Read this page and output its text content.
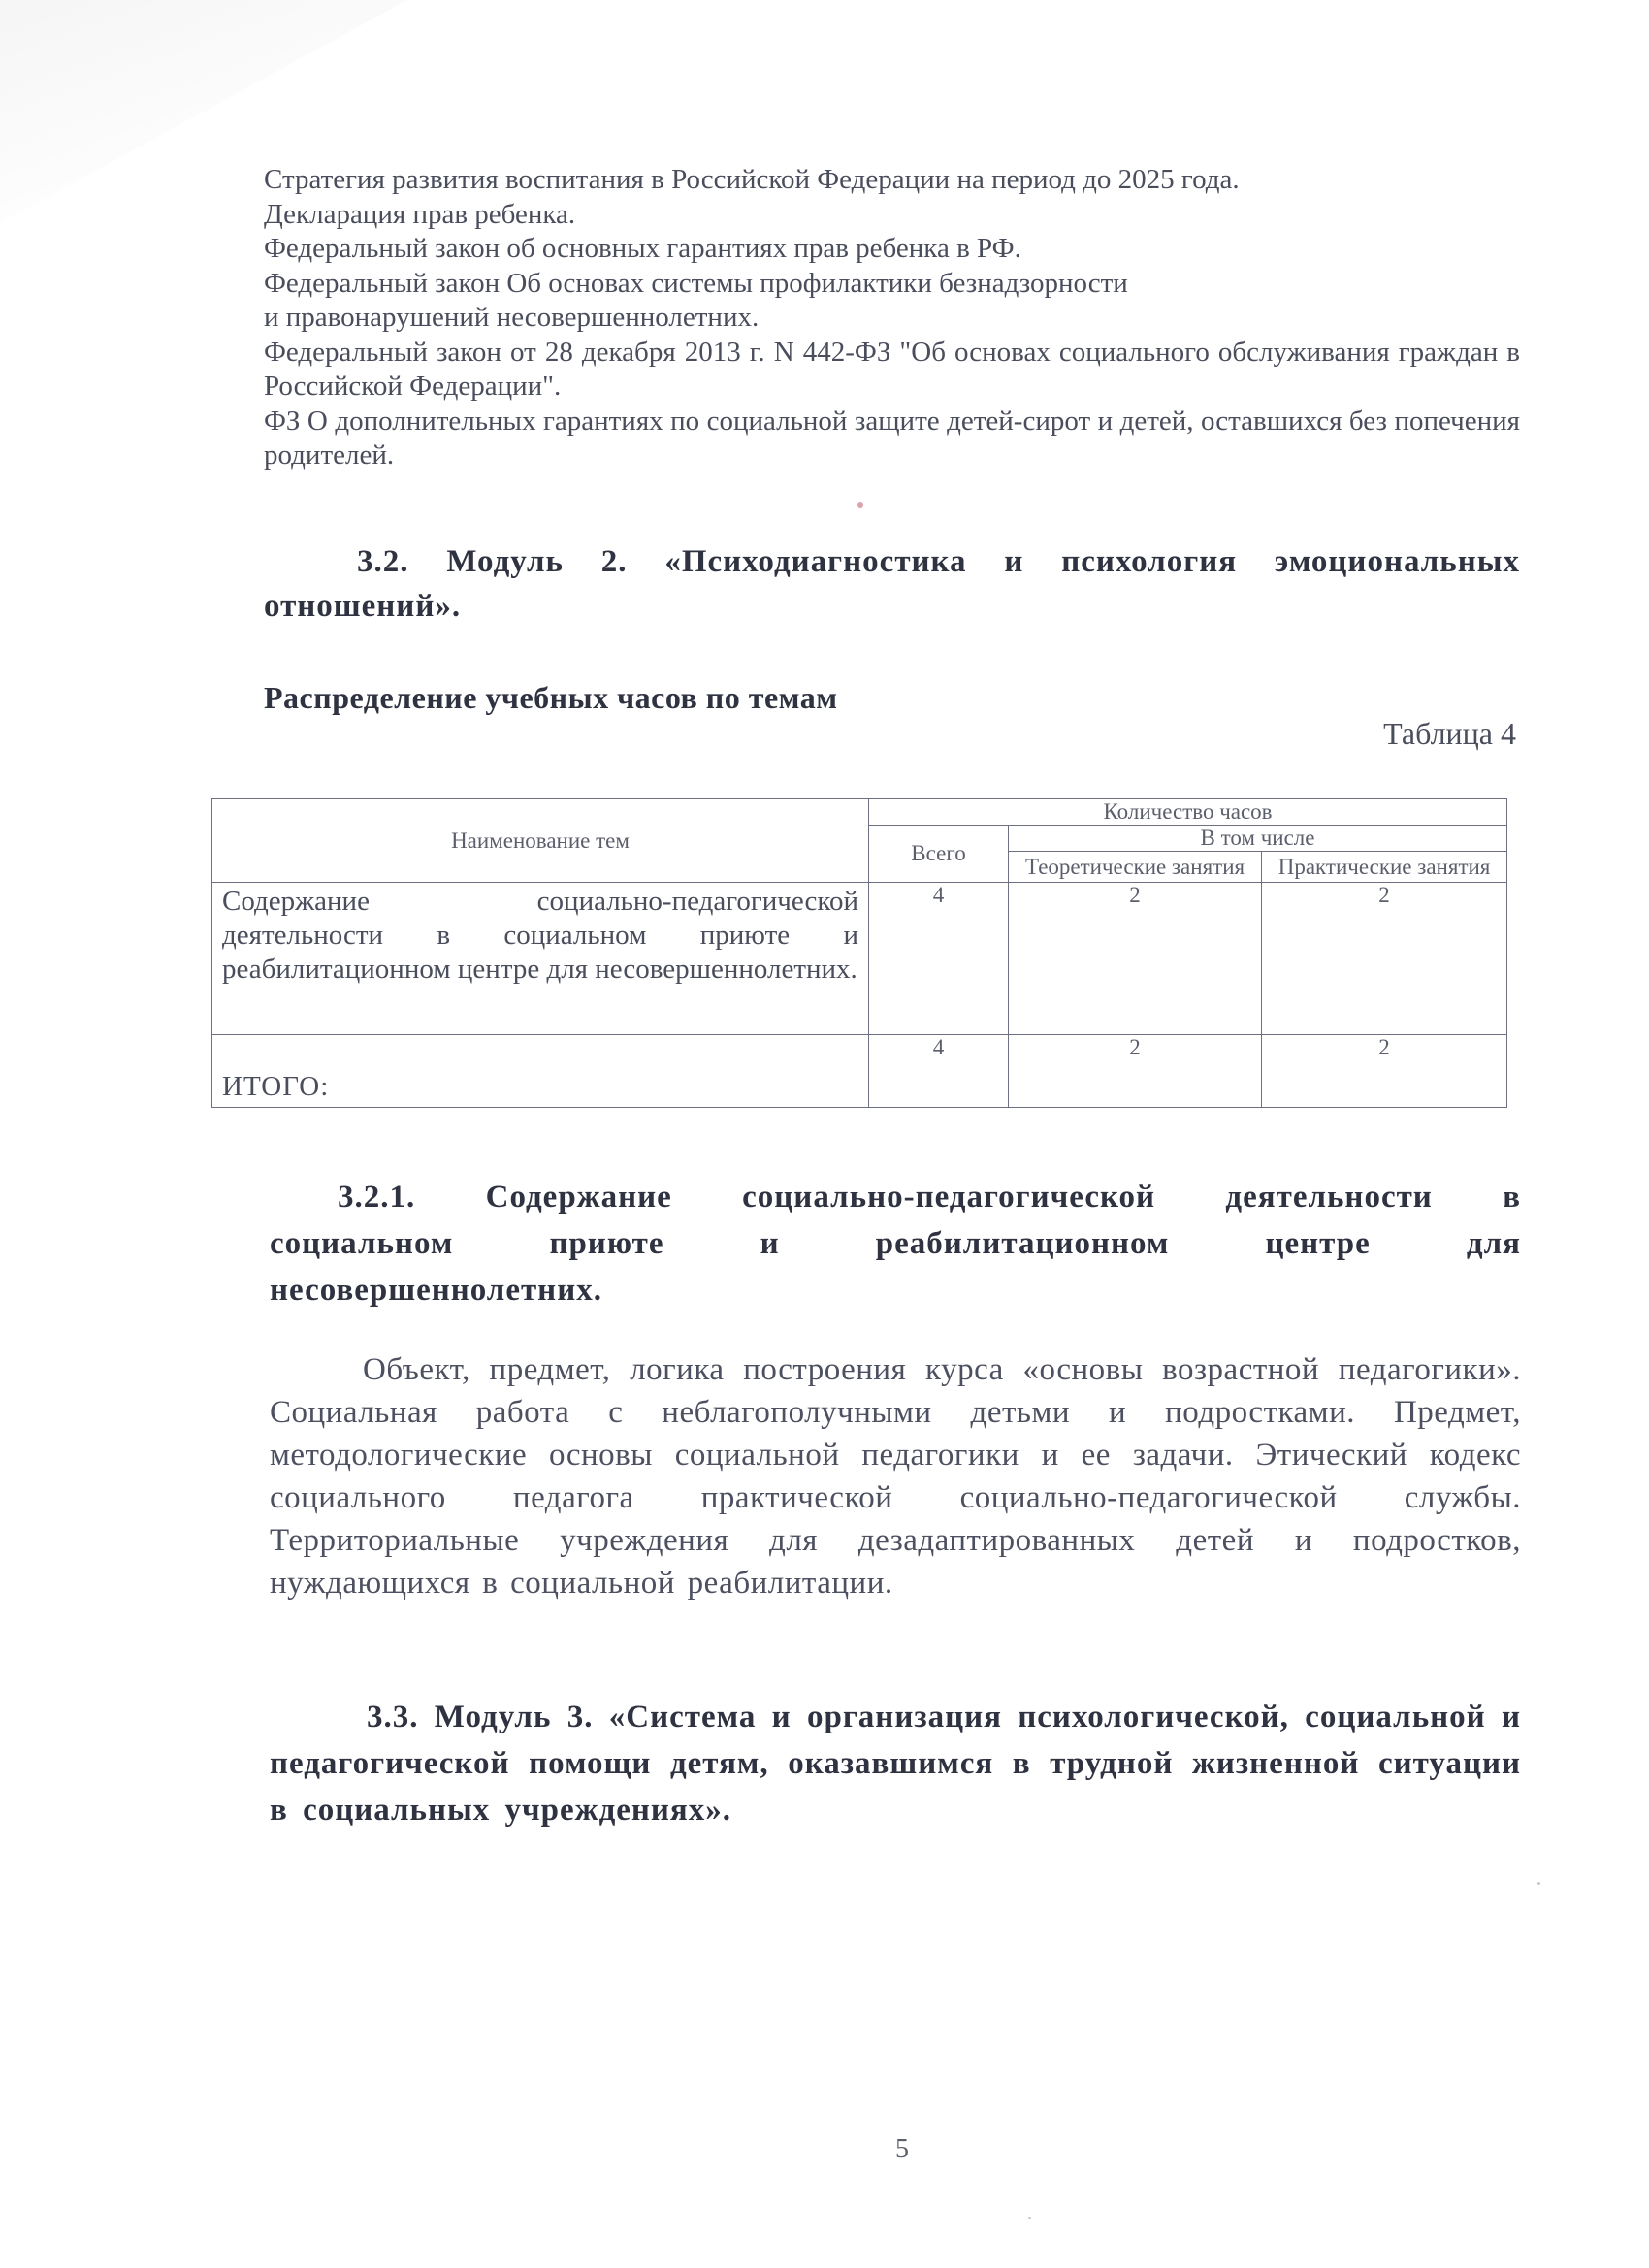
Стратегия развития воспитания в Российской Федерации на период до 2025 года.
Декларация прав ребенка.
Федеральный закон об основных гарантиях прав ребенка в РФ.
Федеральный закон Об основах системы профилактики безнадзорности
и правонарушений несовершеннолетних.
Федеральный закон от 28 декабря 2013 г. N 442-ФЗ "Об основах социального обслуживания граждан в Российской Федерации".
ФЗ О дополнительных гарантиях по социальной защите детей-сирот и детей, оставшихся без попечения родителей.
3.2. Модуль 2. «Психодиагностика и психология эмоциональных отношений».
Распределение учебных часов по темам
Таблица 4
Наименование тем	Количество часов		
	Всего	В том числе	
		Теоретические занятия	Практические занятия
Содержание социально-педагогической деятельности в социальном приюте и реабилитационном центре для несовершеннолетних.	4	2	2
ИТОГО:	4	2	2
3.2.1. Содержание социально-педагогической деятельности в социальном приюте и реабилитационном центре для несовершеннолетних.
Объект, предмет, логика построения курса «основы возрастной педагогики». Социальная работа с неблагополучными детьми и подростками. Предмет, методологические основы социальной педагогики и ее задачи. Этический кодекс социального педагога практической социально-педагогической службы. Территориальные учреждения для дезадаптированных детей и подростков, нуждающихся в социальной реабилитации.
3.3. Модуль 3. «Система и организация психологической, социальной и педагогической помощи детям, оказавшимся в трудной жизненной ситуации в социальных учреждениях».
5
